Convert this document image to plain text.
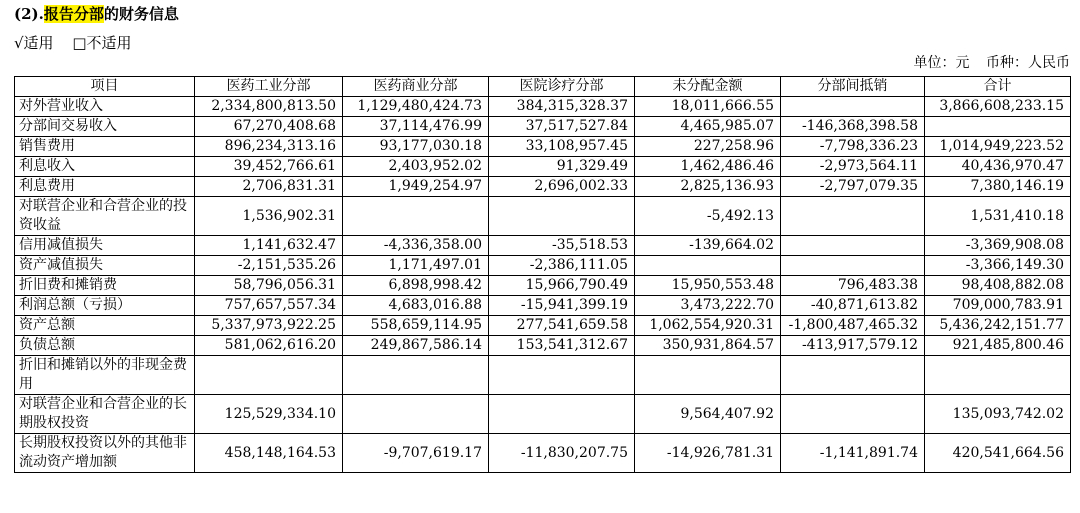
(2).报告分部的财务信息
√适用 □不适用
单位：元 币种：人民币
项目	医药工业分部	医药商业分部	医院诊疗分部	未分配金额	分部间抵销	合计
对外营业收入	2,334,800,813.50	1,129,480,424.73	384,315,328.37	18,011,666.55		3,866,608,233.15
分部间交易收入	67,270,408.68	37,114,476.99	37,517,527.84	4,465,985.07	-146,368,398.58	
销售费用	896,234,313.16	93,177,030.18	33,108,957.45	227,258.96	-7,798,336.23	1,014,949,223.52
利息收入	39,452,766.61	2,403,952.02	91,329.49	1,462,486.46	-2,973,564.11	40,436,970.47
利息费用	2,706,831.31	1,949,254.97	2,696,002.33	2,825,136.93	-2,797,079.35	7,380,146.19
对联营企业和合营企业的投资收益	1,536,902.31			-5,492.13		1,531,410.18
信用减值损失	1,141,632.47	-4,336,358.00	-35,518.53	-139,664.02		-3,369,908.08
资产减值损失	-2,151,535.26	1,171,497.01	-2,386,111.05			-3,366,149.30
折旧费和摊销费	58,796,056.31	6,898,998.42	15,966,790.49	15,950,553.48	796,483.38	98,408,882.08
利润总额（亏损）	757,657,557.34	4,683,016.88	-15,941,399.19	3,473,222.70	-40,871,613.82	709,000,783.91
资产总额	5,337,973,922.25	558,659,114.95	277,541,659.58	1,062,554,920.31	-1,800,487,465.32	5,436,242,151.77
负债总额	581,062,616.20	249,867,586.14	153,541,312.67	350,931,864.57	-413,917,579.12	921,485,800.46
折旧和摊销以外的非现金费用						
对联营企业和合营企业的长期股权投资	125,529,334.10			9,564,407.92		135,093,742.02
长期股权投资以外的其他非流动资产增加额	458,148,164.53	-9,707,619.17	-11,830,207.75	-14,926,781.31	-1,141,891.74	420,541,664.56
